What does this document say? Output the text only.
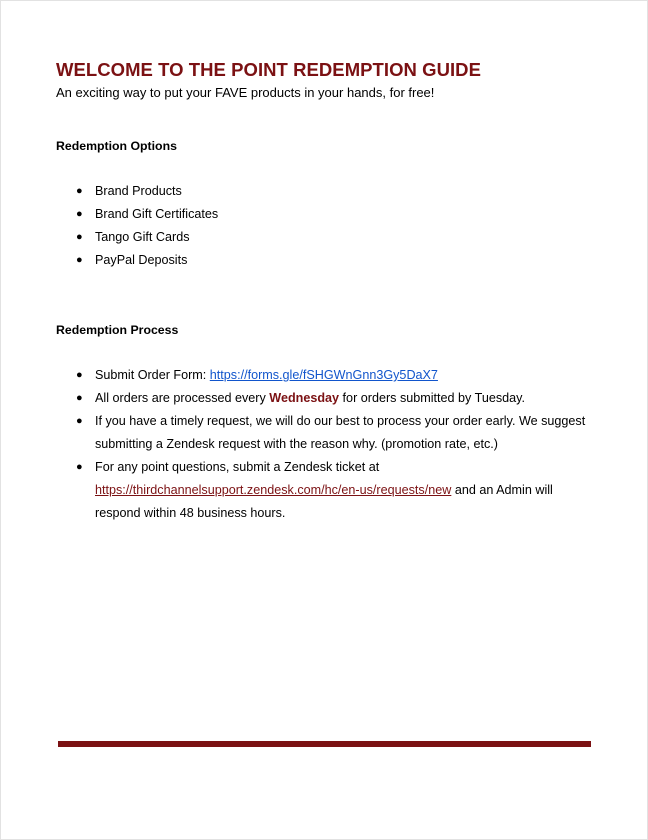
WELCOME TO THE POINT REDEMPTION GUIDE

An exciting way to put your FAVE products in your hands, for free!

Redemption Options
● Brand Products
● Brand Gift Certificates
● Tango Gift Cards
● PayPal Deposits
Redemption Process
● Submit Order Form: https://forms.gle/fSHGWnGnn3Gy5DaX7
● All orders are processed every Wednesday for orders submitted by Tuesday.
● If you have a timely request, we will do our best to process your order early. We suggest submitting a Zendesk request with the reason why. (promotion rate, etc.)
● For any point questions, submit a Zendesk ticket at https://thirdchannelsupport.zendesk.com/hc/en-us/requests/new and an Admin will respond within 48 business hours.
